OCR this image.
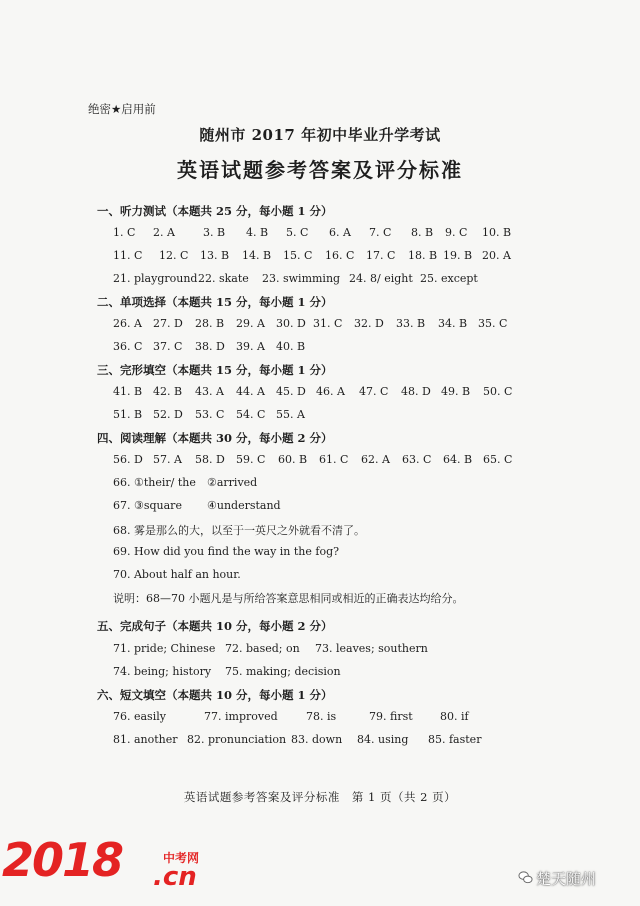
绝密★启用前
随州市 2017 年初中毕业升学考试
英语试题参考答案及评分标准
一、听力测试（本题共 25 分，每小题 1 分）
1. C 2. A	3. B 4. B 5. C 6. A 7. C 8. B 9. C 10. B
11. C 12. C 13. B 14. B 15. C 16. C 17. C 18. B 19. B 20. A
21. playground 22. skate 23. swimming 24. 8/ eight 25. except
二、单项选择（本题共 15 分，每小题 1 分）
26. A 27. D 28. B 29. A 30. D 31. C 32. D 33. B 34. B 35. C
36. C 37. C 38. D 39. A 40. B
三、完形填空（本题共 15 分，每小题 1 分）
41. B 42. B 43. A 44. A 45. D 46. A 47. C 48. D 49. B 50. C
51. B 52. D 53. C 54. C 55. A
四、阅读理解（本题共 30 分，每小题 2 分）
56. D 57. A 58. D 59. C 60. B 61. C 62. A 63. C 64. B 65. C
66. ①their/ the ②arrived
67. ③square ④understand
68. 雾是那么的大，以至于一英尺之外就看不清了。
69. How did you find the way in the fog?
70. About half an hour.
说明：68—70 小题凡是与所给答案意思相同或相近的正确表达均给分。
五、完成句子（本题共 10 分，每小题 2 分）
71. pride; Chinese 72. based; on 73. leaves; southern
74. being; history 75. making; decision
六、短文填空（本题共 10 分，每小题 1 分）
76. easily	77. improved	78. is	79. first 80. if
81. another 82. pronunciation 83. down 84. using 85. faster
英语试题参考答案及评分标准　第 1 页（共 2 页）
2018	中考网
.cn	楚天随州
